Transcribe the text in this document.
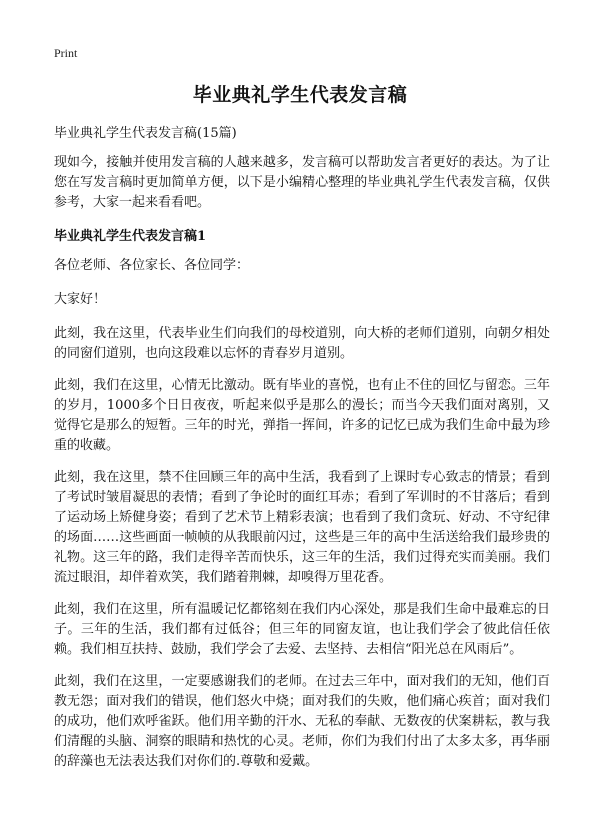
Print
毕业典礼学生代表发言稿

毕业典礼学生代表发言稿(15篇)

现如今，接触并使用发言稿的人越来越多，发言稿可以帮助发言者更好的表达。为了让您在写发言稿时更加简单方便，以下是小编精心整理的毕业典礼学生代表发言稿，仅供参考，大家一起来看看吧。

毕业典礼学生代表发言稿1

各位老师、各位家长、各位同学：

大家好！

此刻，我在这里，代表毕业生们向我们的母校道别，向大桥的老师们道别，向朝夕相处的同窗们道别，也向这段难以忘怀的青春岁月道别。

此刻，我们在这里，心情无比激动。既有毕业的喜悦，也有止不住的回忆与留恋。三年的岁月，1000多个日日夜夜，听起来似乎是那么的漫长；而当今天我们面对离别，又觉得它是那么的短暂。三年的时光，弹指一挥间，许多的记忆已成为我们生命中最为珍重的收藏。

此刻，我在这里，禁不住回顾三年的高中生活，我看到了上课时专心致志的情景；看到了考试时皱眉凝思的表情；看到了争论时的面红耳赤；看到了军训时的不甘落后；看到了运动场上矫健身姿；看到了艺术节上精彩表演；也看到了我们贪玩、好动、不守纪律的场面……这些画面一帧帧的从我眼前闪过，这些是三年的高中生活送给我们最珍贵的礼物。这三年的路，我们走得辛苦而快乐，这三年的生活，我们过得充实而美丽。我们流过眼泪，却伴着欢笑，我们踏着荆棘，却嗅得万里花香。

此刻，我们在这里，所有温暖记忆都铭刻在我们内心深处，那是我们生命中最难忘的日子。三年的生活，我们都有过低谷；但三年的同窗友谊，也让我们学会了彼此信任依赖。我们相互扶持、鼓励，我们学会了去爱、去坚持、去相信“阳光总在风雨后”。

此刻，我们在这里，一定要感谢我们的老师。在过去三年中，面对我们的无知，他们百教无怨；面对我们的错误，他们怒火中烧；面对我们的失败，他们痛心疾首；面对我们的成功，他们欢呼雀跃。他们用辛勤的汗水、无私的奉献、无数夜的伏案耕耘，教与我们清醒的头脑、洞察的眼睛和热忱的心灵。老师，你们为我们付出了太多太多，再华丽的辞藻也无法表达我们对你们的.尊敬和爱戴。
